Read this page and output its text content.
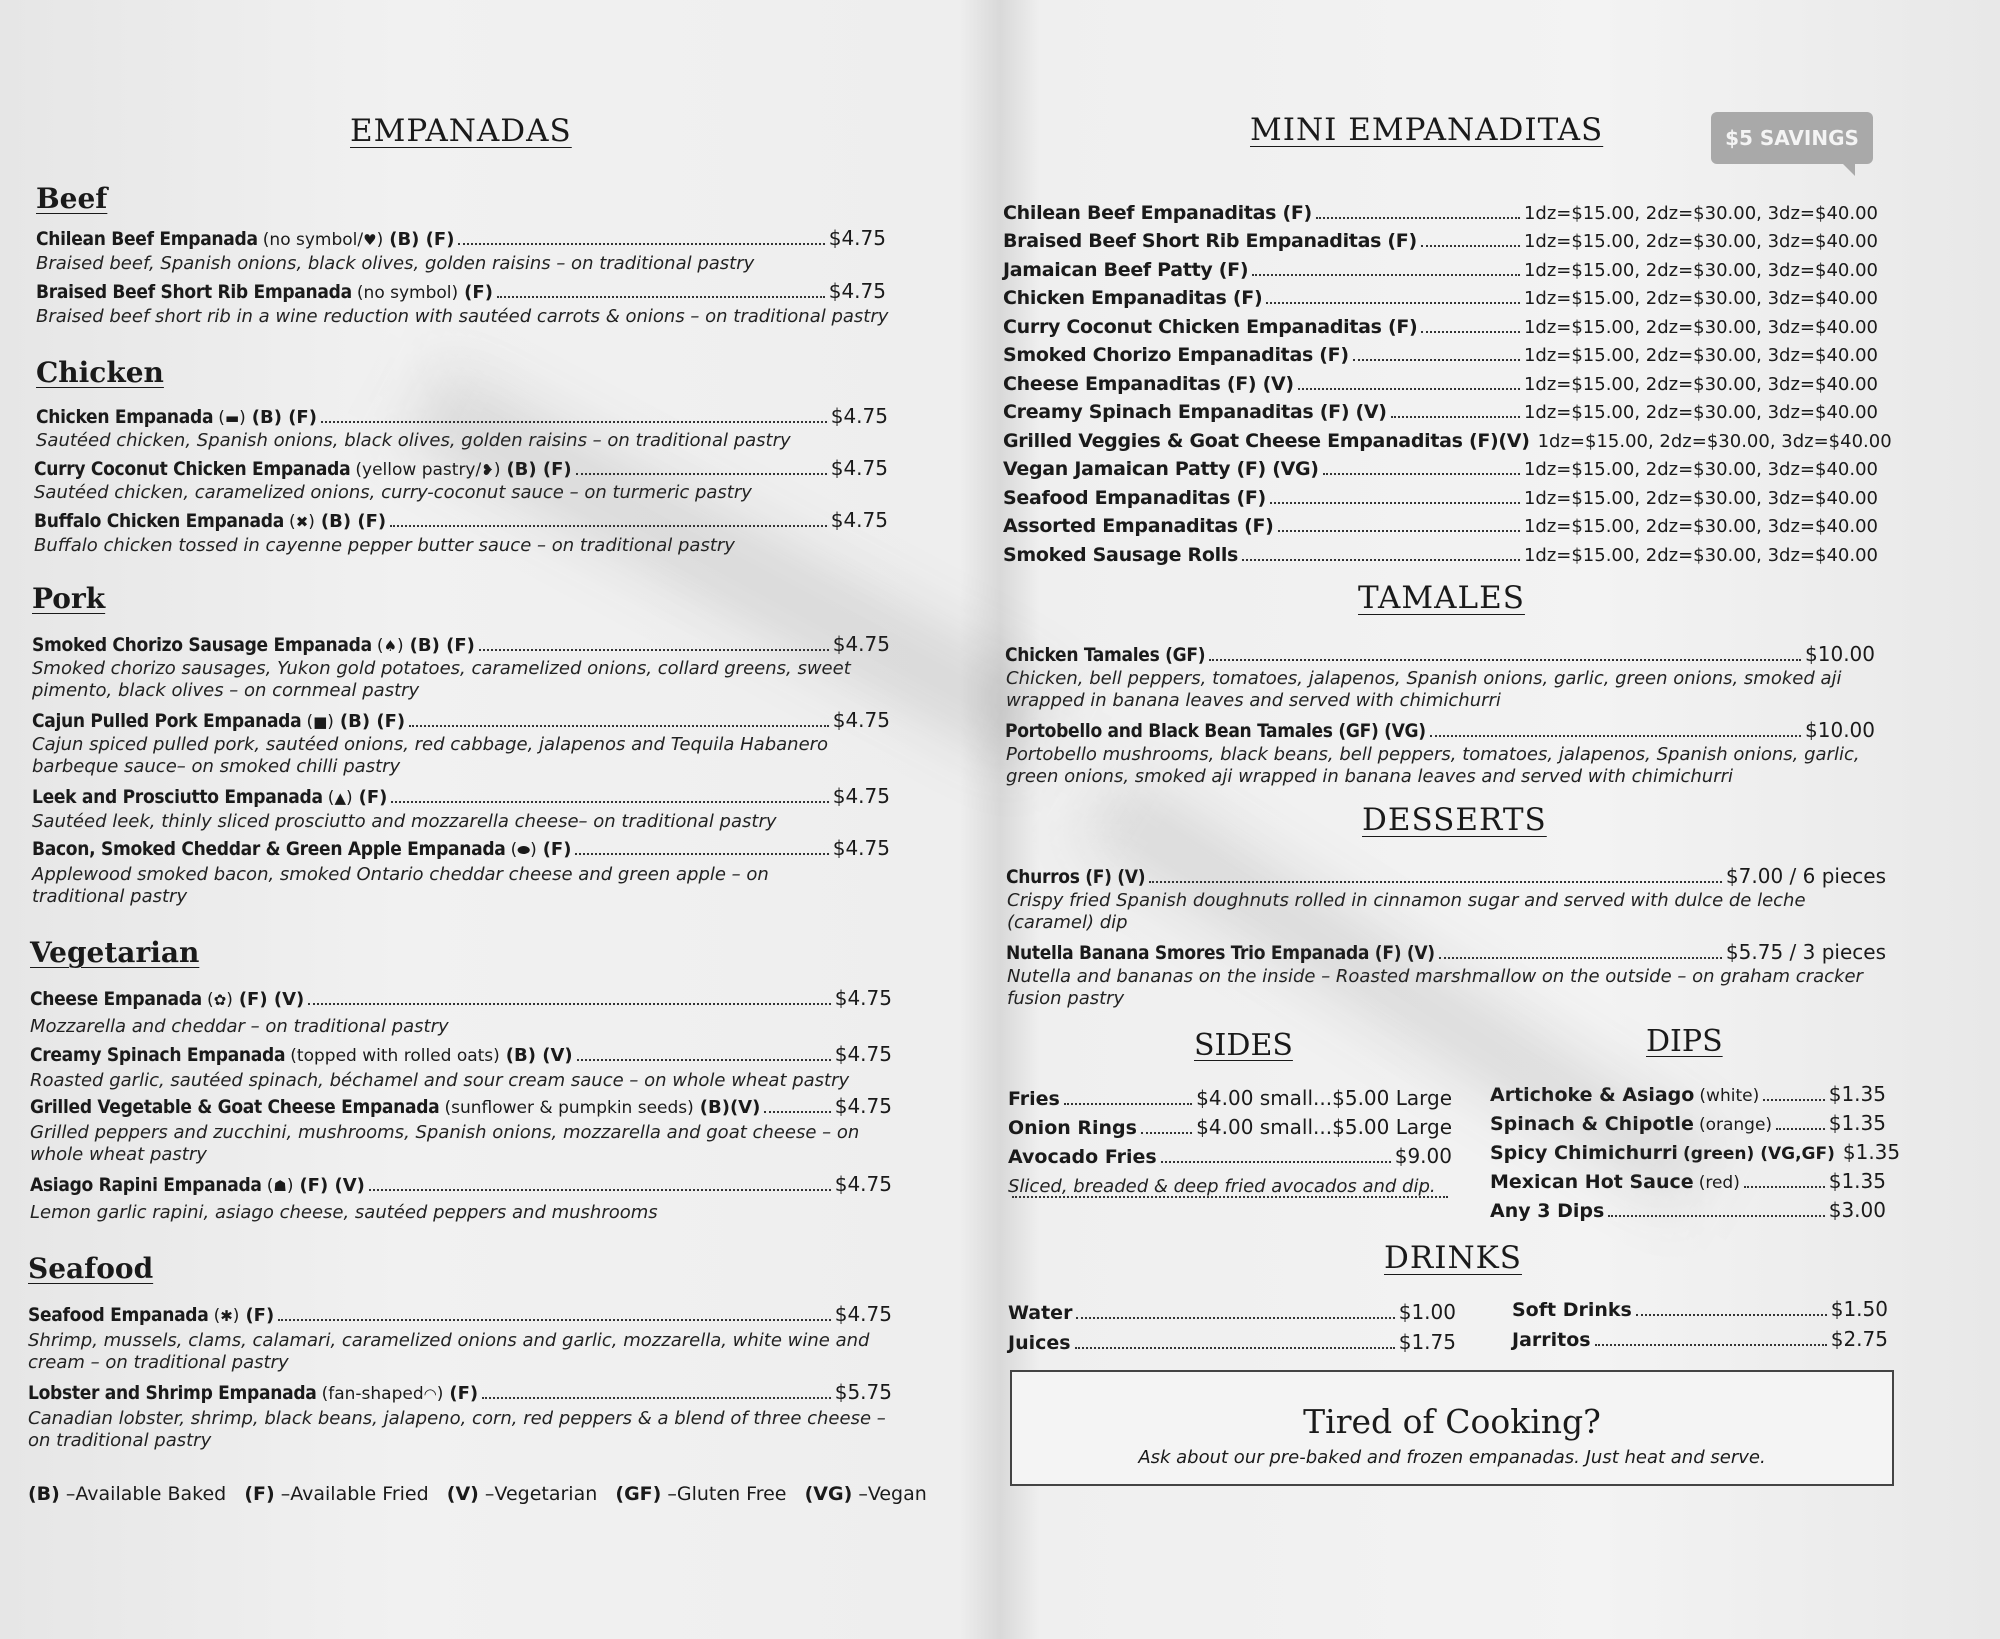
EMPANADAS
Beef
Chilean Beef Empanada
(no symbol/ ♥ ) (B) (F)	$4.75
Braised beef, Spanish onions, black olives, golden raisins – on traditional pastry
Braised Beef Short Rib Empanada
(no symbol) (F)	$4.75
Braised beef short rib in a wine reduction with sautéed carrots & onions – on traditional pastry
Chicken
Chicken Empanada
( ▬ ) (B) (F)	$4.75
Sautéed chicken, Spanish onions, black olives, golden raisins – on traditional pastry
Curry Coconut Chicken Empanada
(yellow pastry/ ❥ ) (B) (F)	$4.75
Sautéed chicken, caramelized onions, curry-coconut sauce – on turmeric pastry
Buffalo Chicken Empanada
( ✖ ) (B) (F)	$4.75
Buffalo chicken tossed in cayenne pepper butter sauce – on traditional pastry
Pork
Smoked Chorizo Sausage Empanada
( ♠ ) (B) (F)	$4.75
Smoked chorizo sausages, Yukon gold potatoes, caramelized onions, collard greens, sweet pimento, black olives – on cornmeal pastry
Cajun Pulled Pork Empanada
( ■ ) (B) (F)	$4.75
Cajun spiced pulled pork, sautéed onions, red cabbage, jalapenos and Tequila Habanero barbeque sauce– on smoked chilli pastry
Leek and Prosciutto Empanada
( ▲ ) (F)	$4.75
Sautéed leek, thinly sliced prosciutto and mozzarella cheese– on traditional pastry
Bacon, Smoked Cheddar & Green Apple Empanada
( ⬬ ) (F)	$4.75
Applewood smoked bacon, smoked Ontario cheddar cheese and green apple – on traditional pastry
Vegetarian
Cheese Empanada
( ✿ ) (F) (V)	$4.75
Mozzarella and cheddar – on traditional pastry
Creamy Spinach Empanada
(topped with rolled oats) (B) (V)	$4.75
Roasted garlic, sautéed spinach, béchamel and sour cream sauce – on whole wheat pastry
Grilled Vegetable & Goat Cheese Empanada
(sunflower & pumpkin seeds) (B)(V)	$4.75
Grilled peppers and zucchini, mushrooms, Spanish onions, mozzarella and goat cheese – on whole wheat pastry
Asiago Rapini Empanada
( ☗ ) (F) (V)	$4.75
Lemon garlic rapini, asiago cheese, sautéed peppers and mushrooms
Seafood
Seafood Empanada
( ✱ ) (F)	$4.75
Shrimp, mussels, clams, calamari, caramelized onions and garlic, mozzarella, white wine and cream – on traditional pastry
Lobster and Shrimp Empanada
(fan-shaped ◠ ) (F)	$5.75
Canadian lobster, shrimp, black beans, jalapeno, corn, red peppers & a blend of three cheese – on traditional pastry
(B) –Available Baked (F) –Available Fried (V) –Vegetarian (GF) –Gluten Free (VG) –Vegan
MINI EMPANADITAS	$5 SAVINGS
Chilean Beef Empanaditas (F)	1dz=$15.00, 2dz=$30.00, 3dz=$40.00
Braised Beef Short Rib Empanaditas (F)	1dz=$15.00, 2dz=$30.00, 3dz=$40.00
Jamaican Beef Patty (F)	1dz=$15.00, 2dz=$30.00, 3dz=$40.00
Chicken Empanaditas (F)	1dz=$15.00, 2dz=$30.00, 3dz=$40.00
Curry Coconut Chicken Empanaditas (F)	1dz=$15.00, 2dz=$30.00, 3dz=$40.00
Smoked Chorizo Empanaditas (F)	1dz=$15.00, 2dz=$30.00, 3dz=$40.00
Cheese Empanaditas (F) (V)	1dz=$15.00, 2dz=$30.00, 3dz=$40.00
Creamy Spinach Empanaditas (F) (V)	1dz=$15.00, 2dz=$30.00, 3dz=$40.00
Grilled Veggies & Goat Cheese Empanaditas (F)(V) 1dz=$15.00, 2dz=$30.00, 3dz=$40.00
Vegan Jamaican Patty (F) (VG)	1dz=$15.00, 2dz=$30.00, 3dz=$40.00
Seafood Empanaditas (F)	1dz=$15.00, 2dz=$30.00, 3dz=$40.00
Assorted Empanaditas (F)	1dz=$15.00, 2dz=$30.00, 3dz=$40.00
Smoked Sausage Rolls	1dz=$15.00, 2dz=$30.00, 3dz=$40.00
TAMALES
Chicken Tamales (GF)	$10.00
Chicken, bell peppers, tomatoes, jalapenos, Spanish onions, garlic, green onions, smoked aji wrapped in banana leaves and served with chimichurri
Portobello and Black Bean Tamales (GF) (VG)	$10.00
Portobello mushrooms, black beans, bell peppers, tomatoes, jalapenos, Spanish onions, garlic, green onions, smoked aji wrapped in banana leaves and served with chimichurri
DESSERTS
Churros (F) (V)	$7.00 / 6 pieces
Crispy fried Spanish doughnuts rolled in cinnamon sugar and served with dulce de leche (caramel) dip
Nutella Banana Smores Trio Empanada (F) (V)	$5.75 / 3 pieces
Nutella and bananas on the inside – Roasted marshmallow on the outside – on graham cracker fusion pastry
SIDES	DIPS
Fries	$4.00 small...$5.00 Large
Onion Rings	$4.00 small...$5.00 Large
Avocado Fries	$9.00
Sliced, breaded & deep fried avocados and dip.
Artichoke & Asiago
(white)	$1.35
Spinach & Chipotle
(orange)	$1.35
Spicy Chimichurri
(green) (VG,GF) $1.35
Mexican Hot Sauce
(red)	$1.35
Any 3 Dips	$3.00
DRINKS
Water	$1.00
Juices	$1.75
Soft Drinks	$1.50
Jarritos	$2.75
Tired of Cooking?
Ask about our pre-baked and frozen empanadas. Just heat and serve.
